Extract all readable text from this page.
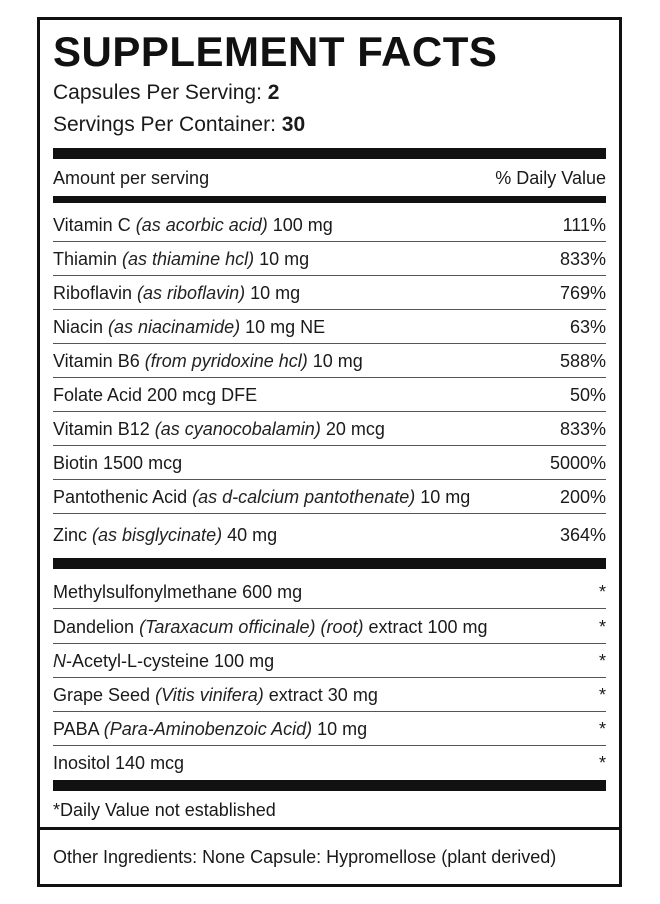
SUPPLEMENT FACTS
Capsules Per Serving: 2
Servings Per Container: 30
Amount per serving	% Daily Value
Vitamin C (as acorbic acid) 100 mg	111%
Thiamin (as thiamine hcl) 10 mg	833%
Riboflavin (as riboflavin) 10 mg	769%
Niacin (as niacinamide) 10 mg NE	63%
Vitamin B6 (from pyridoxine hcl) 10 mg	588%
Folate Acid 200 mcg DFE	50%
Vitamin B12 (as cyanocobalamin) 20 mcg	833%
Biotin 1500 mcg	5000%
Pantothenic Acid (as d-calcium pantothenate) 10 mg	200%
Zinc (as bisglycinate) 40 mg	364%
Methylsulfonylmethane 600 mg	*
Dandelion (Taraxacum officinale) (root) extract 100 mg	*
N-Acetyl-L-cysteine 100 mg	*
Grape Seed (Vitis vinifera) extract 30 mg	*
PABA (Para-Aminobenzoic Acid) 10 mg	*
Inositol 140 mcg	*
*Daily Value not established
Other Ingredients: None Capsule: Hypromellose (plant derived)
